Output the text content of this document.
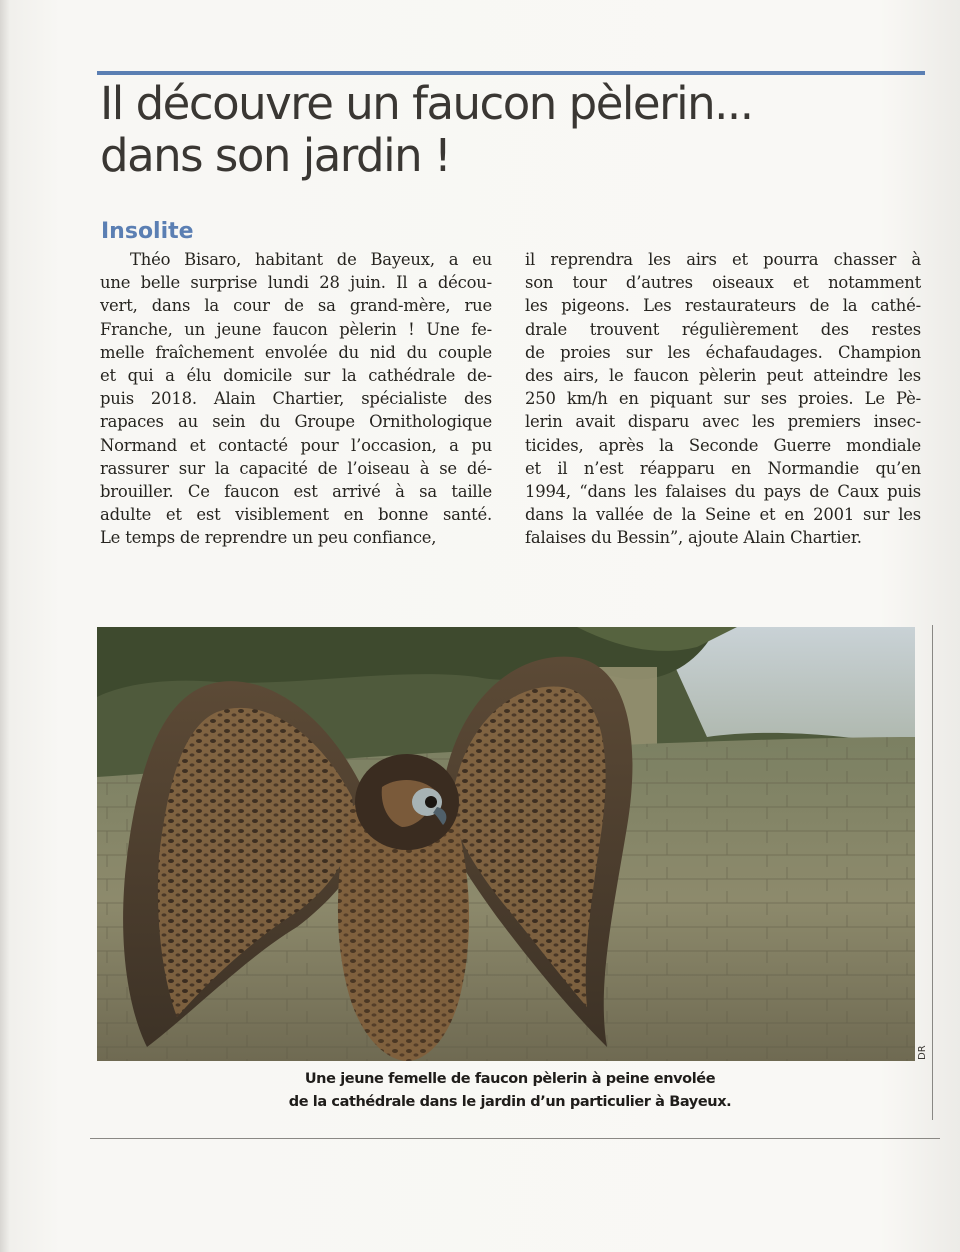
Il découvre un faucon pèlerin...
dans son jardin !
Insolite
Théo Bisaro, habitant de Bayeux, a eu
une belle surprise lundi 28 juin. Il a décou-
vert, dans la cour de sa grand-mère, rue
Franche, un jeune faucon pèlerin ! Une fe-
melle fraîchement envolée du nid du couple
et qui a élu domicile sur la cathédrale de-
puis 2018. Alain Chartier, spécialiste des
rapaces au sein du Groupe Ornithologique
Normand et contacté pour l’occasion, a pu
rassurer sur la capacité de l’oiseau à se dé-
brouiller. Ce faucon est arrivé à sa taille
adulte et est visiblement en bonne santé.
Le temps de reprendre un peu confiance,
il reprendra les airs et pourra chasser à
son tour d’autres oiseaux et notamment
les pigeons. Les restaurateurs de la cathé-
drale trouvent régulièrement des restes
de proies sur les échafaudages. Champion
des airs, le faucon pèlerin peut atteindre les
250 km/h en piquant sur ses proies. Le Pè-
lerin avait disparu avec les premiers insec-
ticides, après la Seconde Guerre mondiale
et il n’est réapparu en Normandie qu’en
1994, “dans les falaises du pays de Caux puis
dans la vallée de la Seine et en 2001 sur les
falaises du Bessin”, ajoute Alain Chartier.
DR
Une jeune femelle de faucon pèlerin à peine envolée
de la cathédrale dans le jardin d’un particulier à Bayeux.
